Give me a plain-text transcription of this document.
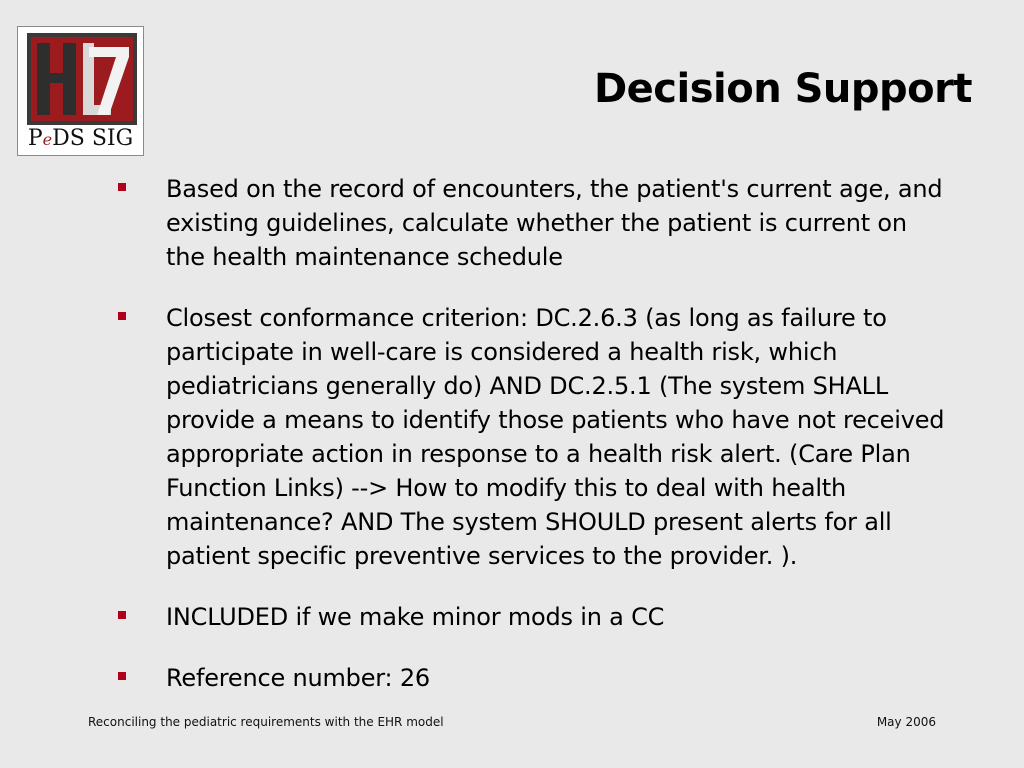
PeDS SIG
Decision Support
Based on the record of encounters, the patient's current age, and existing guidelines, calculate whether the patient is current on the health maintenance schedule
Closest conformance criterion: DC.2.6.3 (as long as failure to participate in well-care is considered a health risk, which pediatricians generally do) AND DC.2.5.1 (The system SHALL provide a means to identify those patients who have not received appropriate action in response to a health risk alert. (Care Plan Function Links) --> How to modify this to deal with health maintenance? AND The system SHOULD present alerts for all patient specific preventive services to the provider. ).
INCLUDED if we make minor mods in a CC
Reference number: 26
Reconciling the pediatric requirements with the EHR model	May 2006
